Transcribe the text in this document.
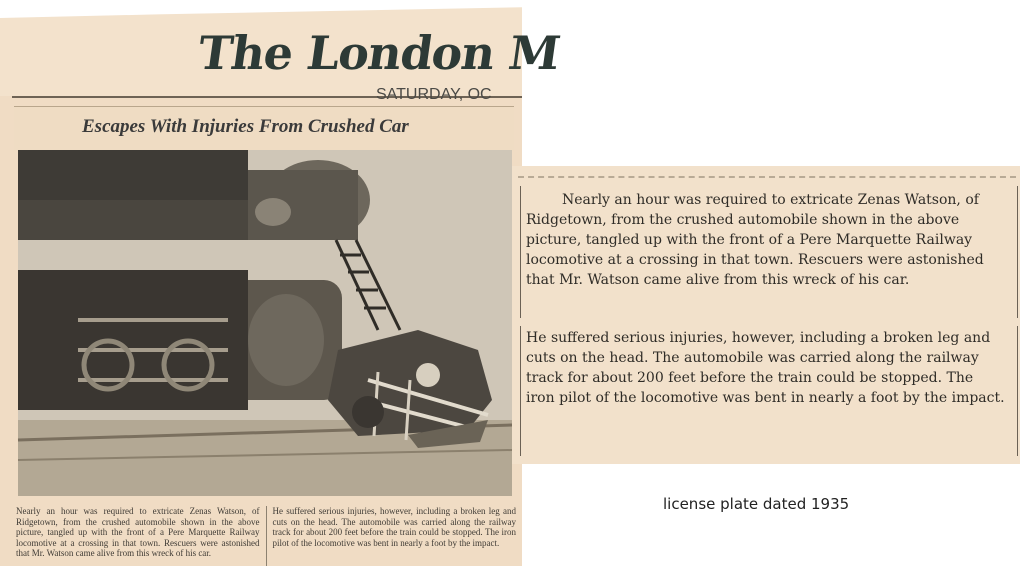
The London M
SATURDAY, OC
Escapes With Injuries From Crushed Car

Nearly an hour was required to extricate Zenas Watson, of Ridgetown, from the crushed automobile shown in the above picture, tangled up with the front of a Pere Marquette Railway locomotive at a crossing in that town. Rescuers were astonished that Mr. Watson came alive from this wreck of his car.

He suffered serious injuries, however, including a broken leg and cuts on the head. The automobile was carried along the railway track for about 200 feet before the train could be stopped. The iron pilot of the locomotive was bent in nearly a foot by the impact.

Nearly an hour was required to extricate Zenas Watson, of Ridgetown, from the crushed automobile shown in the above picture, tangled up with the front of a Pere Marquette Railway locomotive at a crossing in that town. Rescuers were astonished that Mr. Watson came alive from this wreck of his car.

He suffered serious injuries, however, including a broken leg and cuts on the head. The automobile was carried along the railway track for about 200 feet before the train could be stopped. The iron pilot of the locomotive was bent in nearly a foot by the impact.

license plate dated 1935
